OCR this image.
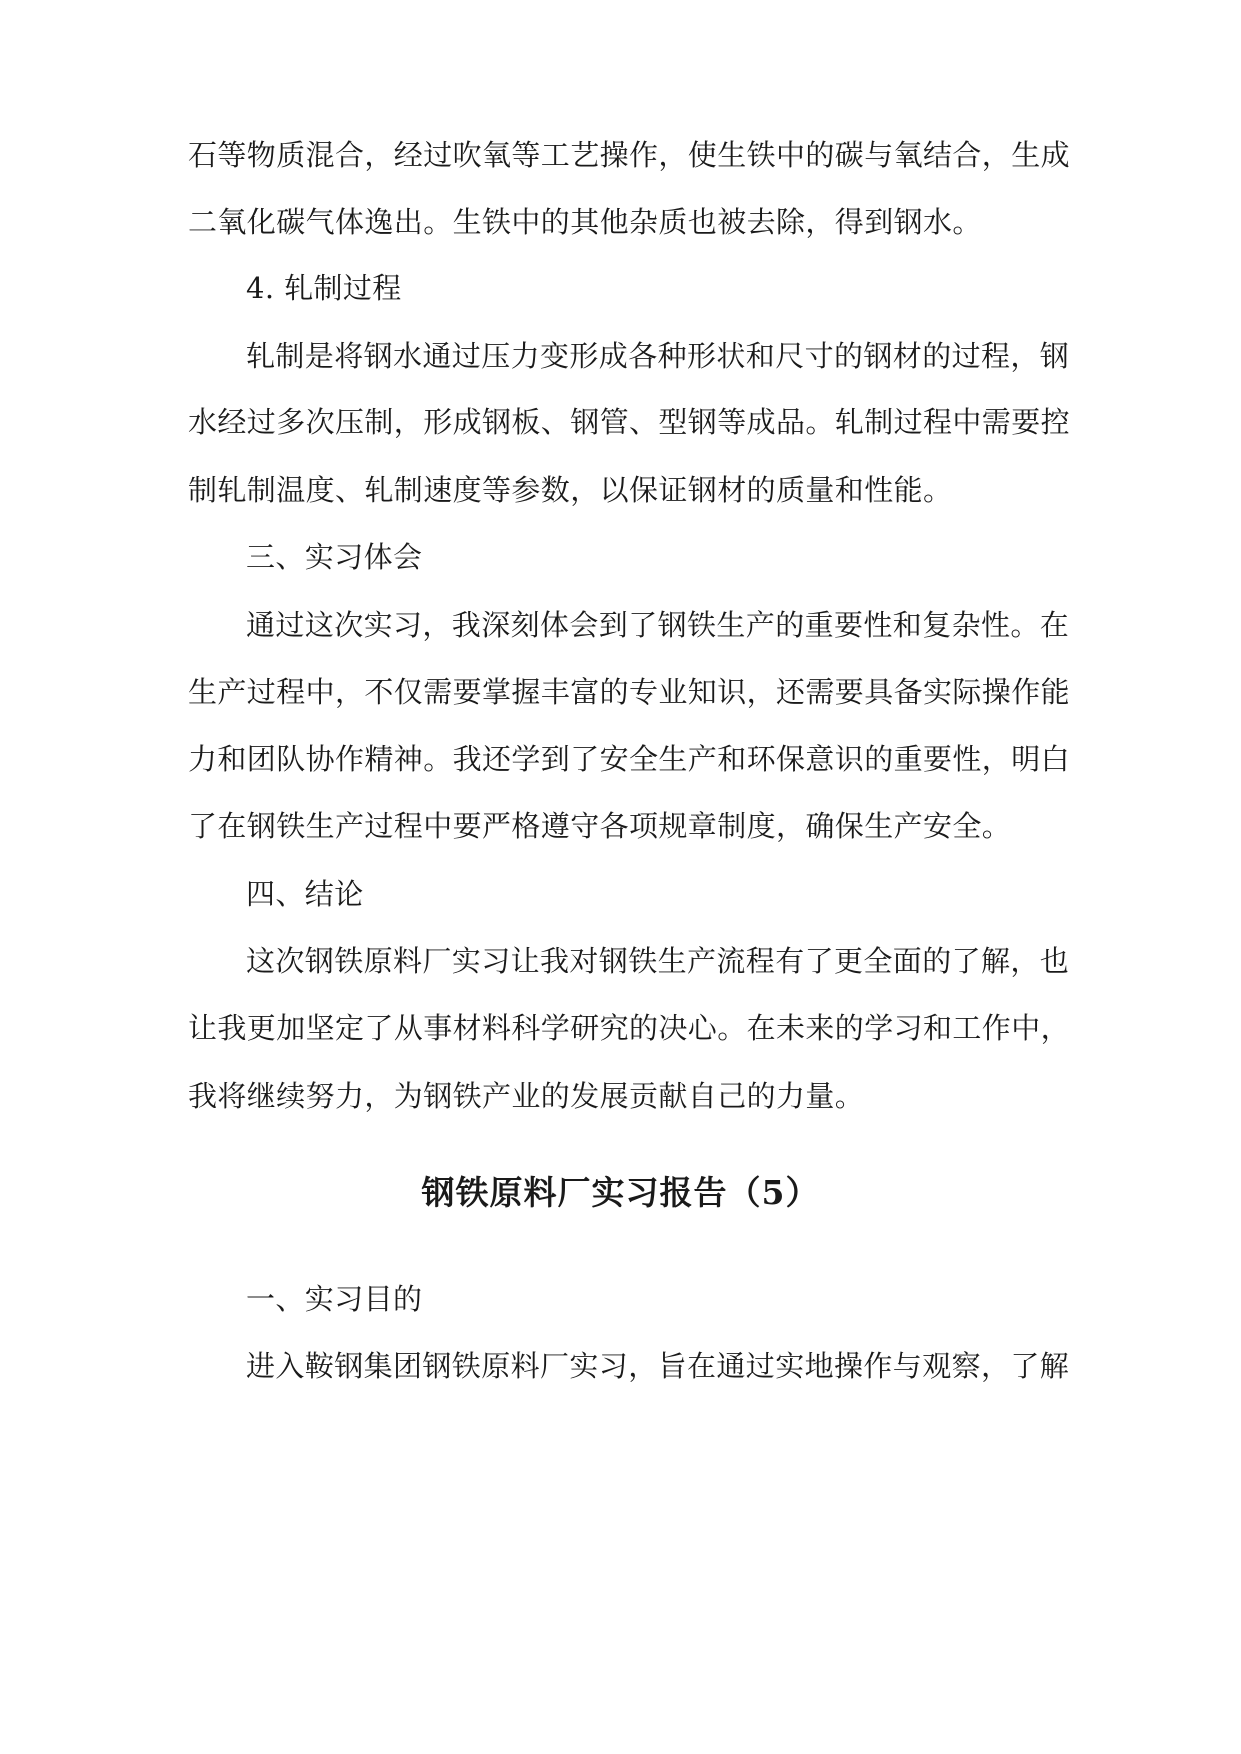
石等物质混合，经过吹氧等工艺操作，使生铁中的碳与氧结合，生成
二氧化碳气体逸出。生铁中的其他杂质也被去除，得到钢水。
4. 轧制过程
轧制是将钢水通过压力变形成各种形状和尺寸的钢材的过程，钢
水经过多次压制，形成钢板、钢管、型钢等成品。轧制过程中需要控
制轧制温度、轧制速度等参数，以保证钢材的质量和性能。
三、实习体会
通过这次实习，我深刻体会到了钢铁生产的重要性和复杂性。在
生产过程中，不仅需要掌握丰富的专业知识，还需要具备实际操作能
力和团队协作精神。我还学到了安全生产和环保意识的重要性，明白
了在钢铁生产过程中要严格遵守各项规章制度，确保生产安全。
四、结论
这次钢铁原料厂实习让我对钢铁生产流程有了更全面的了解，也
让我更加坚定了从事材料科学研究的决心。在未来的学习和工作中，
我将继续努力，为钢铁产业的发展贡献自己的力量。
钢铁原料厂实习报告（5）
一、实习目的
进入鞍钢集团钢铁原料厂实习，旨在通过实地操作与观察，了解
